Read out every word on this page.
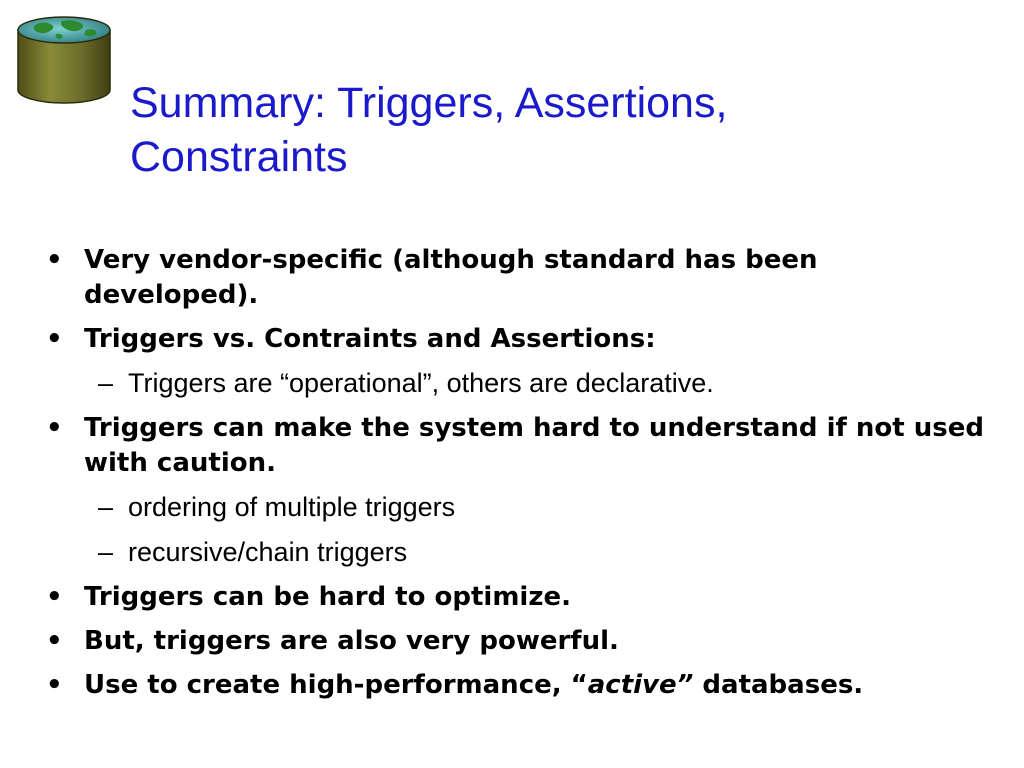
Summary: Triggers, Assertions,
Constraints
• Very vendor-specific (although standard has been developed).
• Triggers vs. Contraints and Assertions:
– Triggers are “operational”, others are declarative.
• Triggers can make the system hard to understand if not used with caution.
– ordering of multiple triggers
– recursive/chain triggers
• Triggers can be hard to optimize.
• But, triggers are also very powerful.
• Use to create high-performance, “active” databases.
